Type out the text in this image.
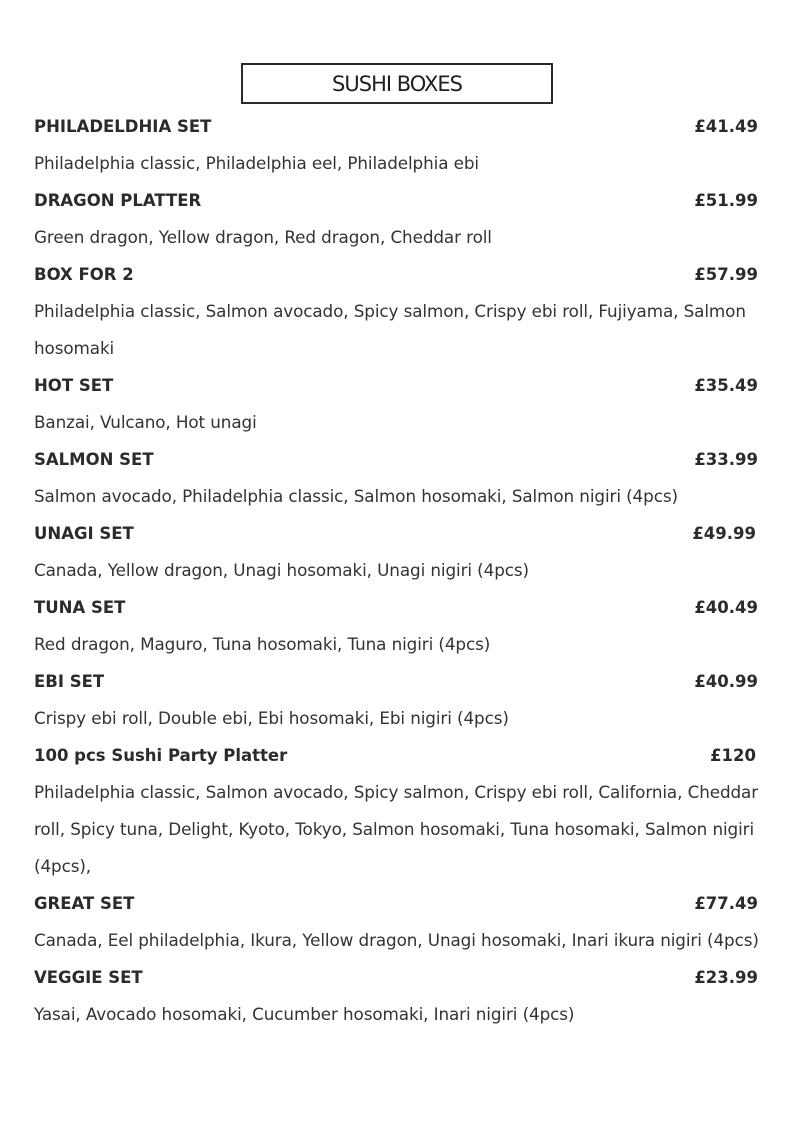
SUSHI BOXES
PHILADELDHIA SET	£41.49
Philadelphia classic, Philadelphia eel, Philadelphia ebi
DRAGON PLATTER	£51.99
Green dragon, Yellow dragon, Red dragon, Cheddar roll
BOX FOR 2	£57.99
Philadelphia classic, Salmon avocado, Spicy salmon, Crispy ebi roll, Fujiyama, Salmon hosomaki
HOT SET	£35.49
Banzai, Vulcano, Hot unagi
SALMON SET	£33.99
Salmon avocado, Philadelphia classic, Salmon hosomaki, Salmon nigiri (4pcs)
UNAGI SET	£49.99
Canada, Yellow dragon, Unagi hosomaki, Unagi nigiri (4pcs)
TUNA SET	£40.49
Red dragon, Maguro, Tuna hosomaki, Tuna nigiri (4pcs)
EBI SET	£40.99
Crispy ebi roll, Double ebi, Ebi hosomaki, Ebi nigiri (4pcs)
100 pcs Sushi Party Platter	£120
Philadelphia classic, Salmon avocado, Spicy salmon, Crispy ebi roll, California, Cheddar roll, Spicy tuna, Delight, Kyoto, Tokyo, Salmon hosomaki, Tuna hosomaki, Salmon nigiri (4pcs),
GREAT SET	£77.49
Canada, Eel philadelphia, Ikura, Yellow dragon, Unagi hosomaki, Inari ikura nigiri (4pcs)
VEGGIE SET	£23.99
Yasai, Avocado hosomaki, Cucumber hosomaki, Inari nigiri (4pcs)
